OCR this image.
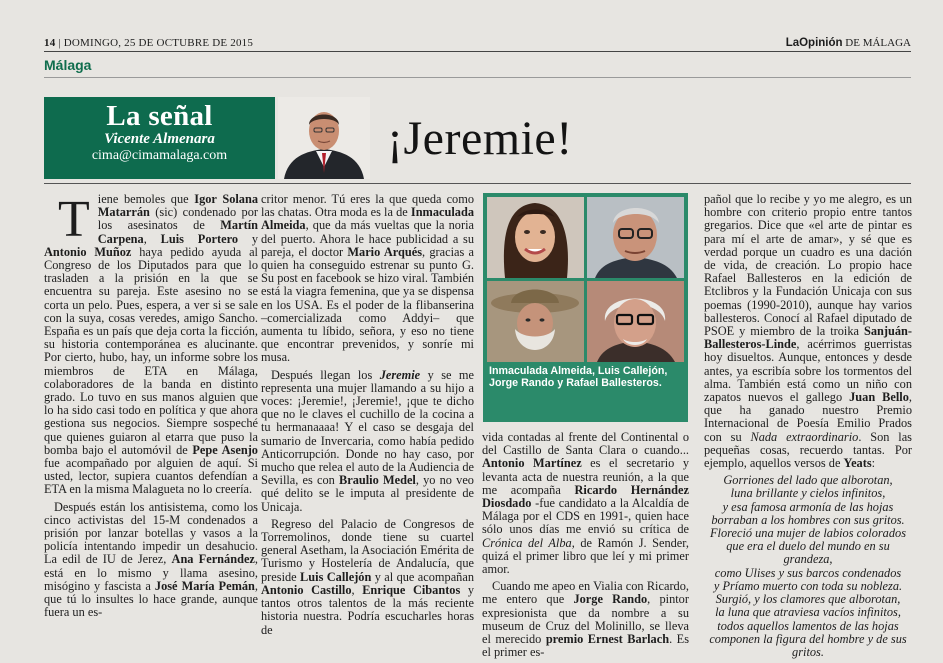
14 | DOMINGO, 25 DE OCTUBRE DE 2015	LaOpinión DE MÁLAGA
Málaga
La señal
Vicente Almenara
cima@cimamalaga.com	¡Jeremie!

Tiene bemoles que Igor Solana Matarrán (sic) condenado por los asesinatos de Martín Carpena, Luis Portero y Antonio Muñoz haya pedido ayuda al Congreso de los Diputados para que lo trasladen a la prisión en la que se encuentra su pareja. Este asesino no se corta un pelo. Pues, espera, a ver si se sale con la suya, cosas veredes, amigo Sancho. España es un país que deja corta la ficción, su historia contemporánea es alucinante. Por cierto, hubo, hay, un informe sobre los miembros de ETA en Málaga, colaboradores de la banda en distinto grado. Lo tuvo en sus manos alguien que lo ha sido casi todo en política y que ahora gestiona sus negocios. Siempre sospeché que quienes guiaron al etarra que puso la bomba bajo el automóvil de Pepe Asenjo fue acompañado por alguien de aquí. Si usted, lector, supiera cuantos defendían a ETA en la misma Malagueta no lo creería.

Después están los antisistema, como los cinco activistas del 15-M condenados a prisión por lanzar botellas y vasos a la policía intentando impedir un desahucio. La edil de IU de Jerez, Ana Fernández, está en lo mismo y llama asesino, misógino y fascista a José María Pemán, que tú lo insultes lo hace grande, aunque fuera un es-

critor menor. Tú eres la que queda como las chatas. Otra moda es la de Inmaculada Almeida, que da más vueltas que la noria del puerto. Ahora le hace publicidad a su pareja, el doctor Mario Arqués, gracias a quien ha conseguido estrenar su punto G. Su post en facebook se hizo viral. También está la viagra femenina, que ya se dispensa en los USA. Es el poder de la flibanserina –comercializada como Addyi– que aumenta tu líbido, señora, y eso no tiene que encontrar prevenidos, y sonríe mi musa.

Después llegan los Jeremie y se me representa una mujer llamando a su hijo a voces: ¡Jeremie!, ¡Jeremie!, ¡que te dicho que no le claves el cuchillo de la cocina a tu hermanaaaa! Y el caso se desgaja del sumario de Invercaria, como había pedido Anticorrupción. Donde no hay caso, por mucho que relea el auto de la Audiencia de Sevilla, es con Braulio Medel, yo no veo qué delito se le imputa al presidente de Unicaja.

Regreso del Palacio de Congresos de Torremolinos, donde tiene su cuartel general Asetham, la Asociación Emérita de Turismo y Hostelería de Andalucía, que preside Luis Callejón y al que acompañan Antonio Castillo, Enrique Cibantos y tantos otros talentos de la más reciente historia nuestra. Podría escucharles horas de

Inmaculada Almeida, Luis Callejón, Jorge Rando y Rafael Ballesteros.

vida contadas al frente del Continental o del Castillo de Santa Clara o cuando... Antonio Martínez es el secretario y levanta acta de nuestra reunión, a la que me acompaña Ricardo Hernández Diosdado -fue candidato a la Alcaldía de Málaga por el CDS en 1991-, quien hace sólo unos días me envió su crítica de Crónica del Alba, de Ramón J. Sender, quizá el primer libro que leí y mi primer amor.

Cuando me apeo en Vialia con Ricardo, me entero que Jorge Rando, pintor expresionista que da nombre a su museum de Cruz del Molinillo, se lleva el merecido premio Ernest Barlach. Es el primer es-

pañol que lo recibe y yo me alegro, es un hombre con criterio propio entre tantos gregarios. Dice que «el arte de pintar es para mí el arte de amar», y sé que es verdad porque un cuadro es una dación de vida, de creación. Lo propio hace Rafael Ballesteros en la edición de Etclibros y la Fundación Unicaja con sus poemas (1990-2010), aunque hay varios ballesteros. Conocí al Rafael diputado de PSOE y miembro de la troika Sanjuán-Ballesteros-Linde, acérrimos guerristas hoy disueltos. Aunque, entonces y desde antes, ya escribía sobre los tormentos del alma. También está como un niño con zapatos nuevos el gallego Juan Bello, que ha ganado nuestro Premio Internacional de Poesía Emilio Prados con su Nada extraordinario. Son las pequeñas cosas, recuerdo tantas. Por ejemplo, aquellos versos de Yeats:

Gorriones del lado que alborotan,
luna brillante y cielos infinitos,
y esa famosa armonía de las hojas
borraban a los hombres con sus gritos.
Floreció una mujer de labios colorados
que era el duelo del mundo en su grandeza,
como Ulises y sus barcos condenados
y Príamo muerto con toda su nobleza.
Surgió, y los clamores que alborotan,
la luna que atraviesa vacíos infinitos,
todos aquellos lamentos de las hojas
componen la figura del hombre y de sus gritos.
